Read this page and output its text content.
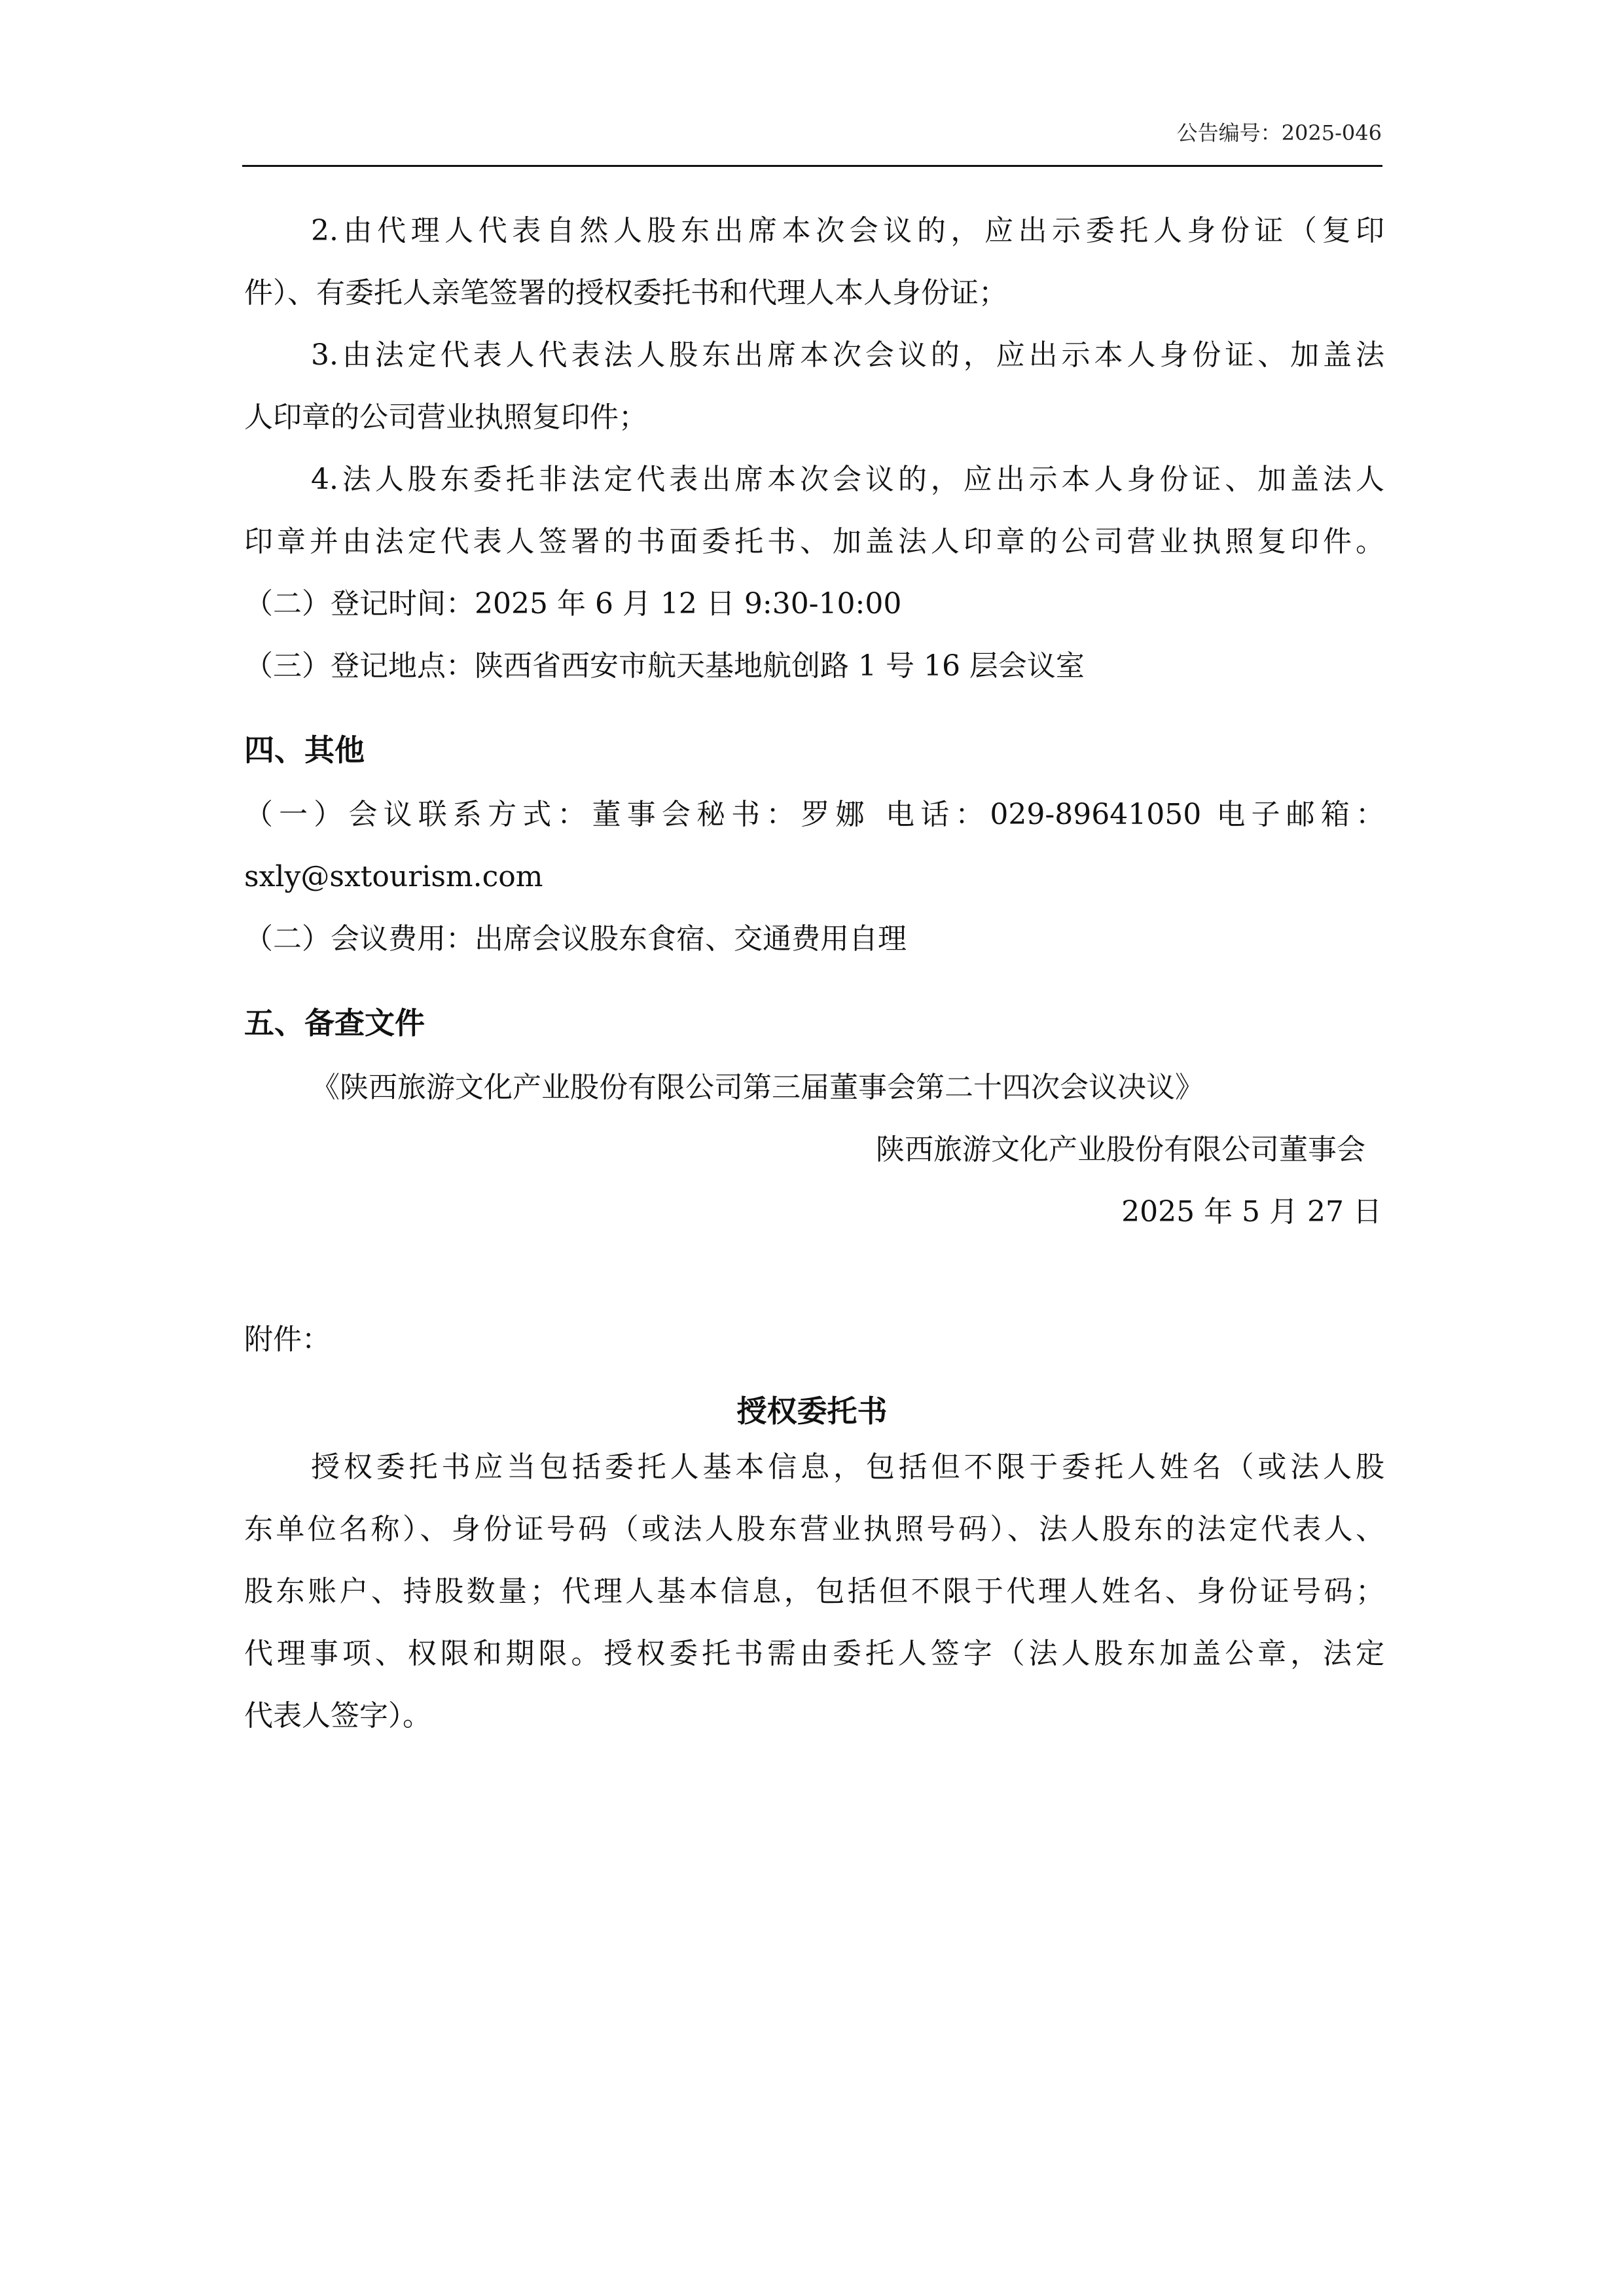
公告编号：2025-046

2.由代理人代表自然人股东出席本次会议的，应出示委托人身份证（复印

件）、有委托人亲笔签署的授权委托书和代理人本人身份证；

3.由法定代表人代表法人股东出席本次会议的，应出示本人身份证、加盖法

人印章的公司营业执照复印件；

4.法人股东委托非法定代表出席本次会议的，应出示本人身份证、加盖法人

印章并由法定代表人签署的书面委托书、加盖法人印章的公司营业执照复印件。

（二）登记时间：2025 年 6 月 12 日 9:30-10:00

（三）登记地点：陕西省西安市航天基地航创路 1 号 16 层会议室

四、其他

（一）会议联系方式：董事会秘书：罗娜 电话：029-89641050 电子邮箱：

sxly@sxtourism.com

（二）会议费用：出席会议股东食宿、交通费用自理

五、备查文件

《陕西旅游文化产业股份有限公司第三届董事会第二十四次会议决议》

陕西旅游文化产业股份有限公司董事会

2025 年 5 月 27 日

附件：

授权委托书

授权委托书应当包括委托人基本信息，包括但不限于委托人姓名（或法人股

东单位名称）、身份证号码（或法人股东营业执照号码）、法人股东的法定代表人、

股东账户、持股数量；代理人基本信息，包括但不限于代理人姓名、身份证号码；

代理事项、权限和期限。授权委托书需由委托人签字（法人股东加盖公章，法定

代表人签字）。
